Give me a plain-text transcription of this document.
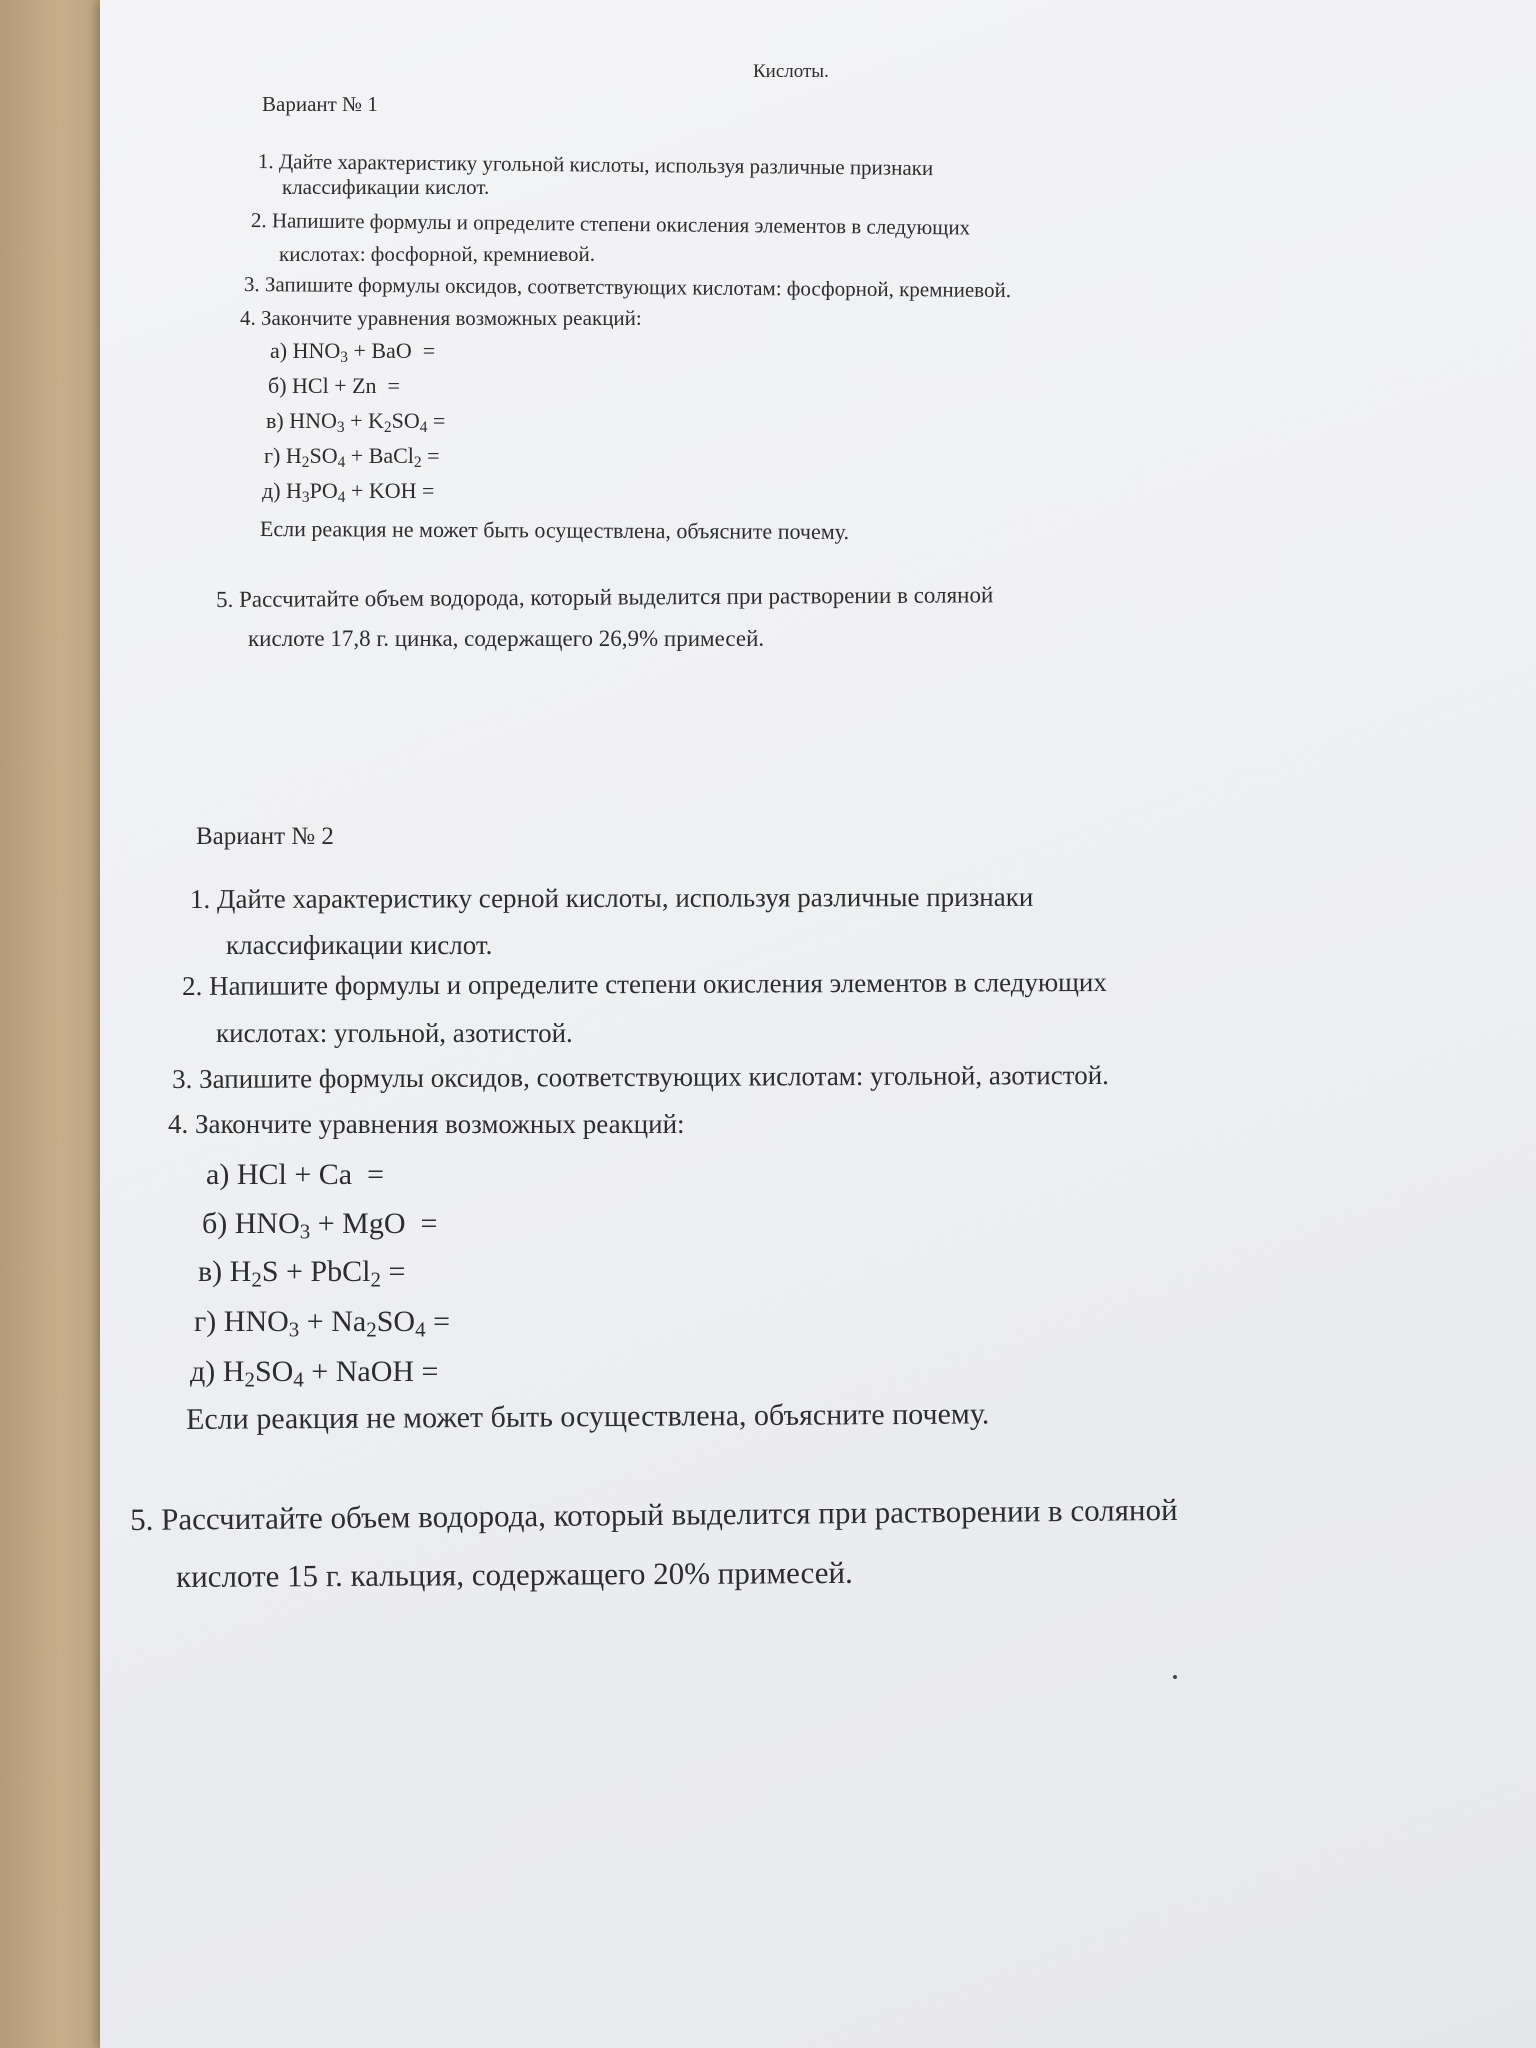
Кислоты.

Вариант № 1

1. Дайте характеристику угольной кислоты, используя различные признаки

классификации кислот.

2. Напишите формулы и определите степени окисления элементов в следующих

кислотах: фосфорной, кремниевой.

3. Запишите формулы оксидов, соответствующих кислотам: фосфорной, кремниевой.

4. Закончите уравнения возможных реакций:

а) $HNO_3$ + BaO  =

б) HCl + Zn  =

в) $HNO_3 + K_2SO_4$ =

г) $H_2SO_4$ + BaCl$_2$ =

д) $H_3PO_4$ + KOH =

Если реакция не может быть осуществлена, объясните почему.

5. Рассчитайте объем водорода, который выделится при растворении в соляной

кислоте 17,8 г. цинка, содержащего 26,9% примесей.

Вариант № 2

1. Дайте характеристику серной кислоты, используя различные признаки

классификации кислот.

2. Напишите формулы и определите степени окисления элементов в следующих

кислотах: угольной, азотистой.

3. Запишите формулы оксидов, соответствующих кислотам: угольной, азотистой.

4. Закончите уравнения возможных реакций:

а) HCl + Ca  =

б) $HNO_3$ + MgO  =

в) $H_2S$ + PbCl$_2$ =

г) $HNO_3 + Na_2SO_4$ =

д) $H_2SO_4$ + NaOH =

Если реакция не может быть осуществлена, объясните почему.

5. Рассчитайте объем водорода, который выделится при растворении в соляной

кислоте 15 г. кальция, содержащего 20% примесей.
